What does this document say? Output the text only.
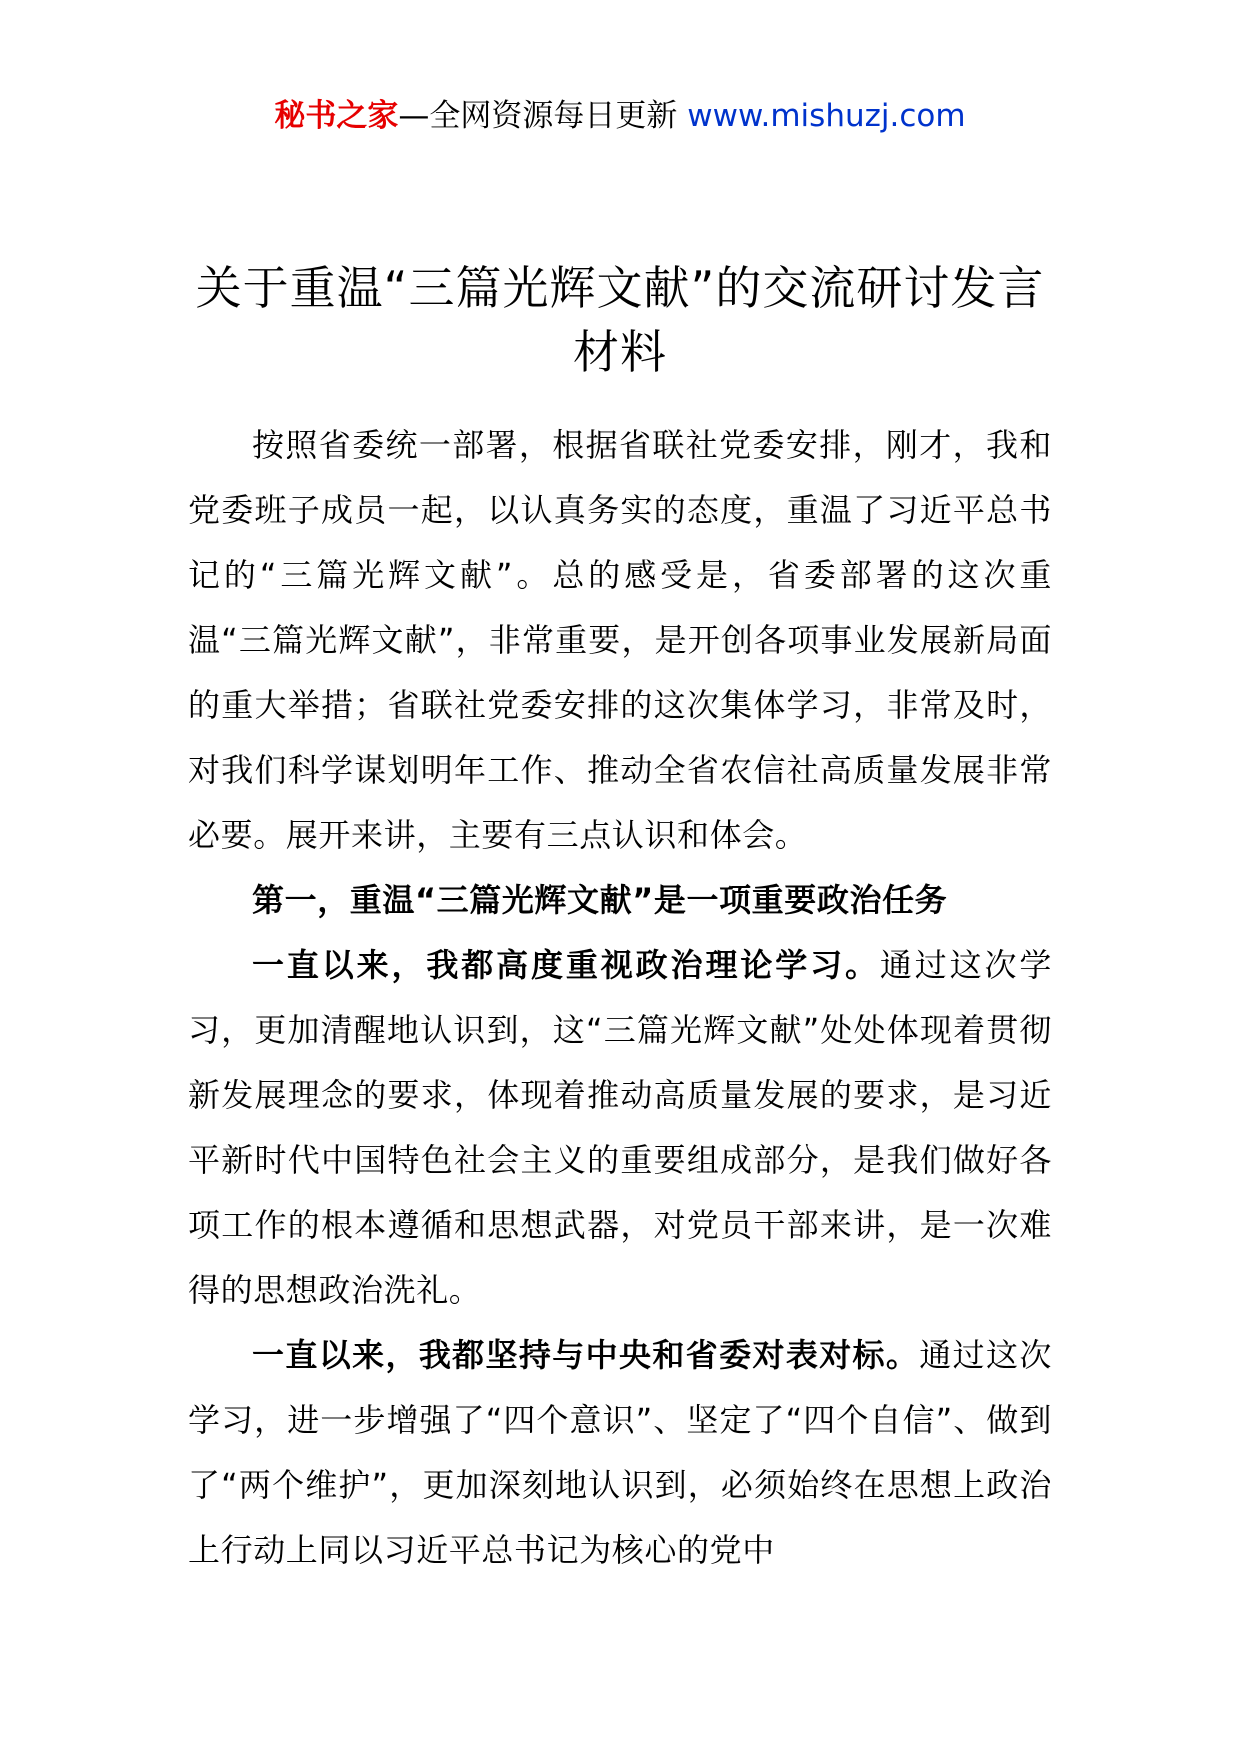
秘书之家—全网资源每日更新 www.mishuzj.com
关于重温“三篇光辉文献”的交流研讨发言材料

按照省委统一部署，根据省联社党委安排，刚才，我和党委班子成员一起，以认真务实的态度，重温了习近平总书记的“三篇光辉文献”。总的感受是，省委部署的这次重温“三篇光辉文献”，非常重要，是开创各项事业发展新局面的重大举措；省联社党委安排的这次集体学习，非常及时，对我们科学谋划明年工作、推动全省农信社高质量发展非常必要。展开来讲，主要有三点认识和体会。

第一，重温“三篇光辉文献”是一项重要政治任务

一直以来，我都高度重视政治理论学习。通过这次学习，更加清醒地认识到，这“三篇光辉文献”处处体现着贯彻新发展理念的要求，体现着推动高质量发展的要求，是习近平新时代中国特色社会主义的重要组成部分，是我们做好各项工作的根本遵循和思想武器，对党员干部来讲，是一次难得的思想政治洗礼。

一直以来，我都坚持与中央和省委对表对标。通过这次学习，进一步增强了“四个意识”、坚定了“四个自信”、做到了“两个维护”，更加深刻地认识到，必须始终在思想上政治上行动上同以习近平总书记为核心的党中
